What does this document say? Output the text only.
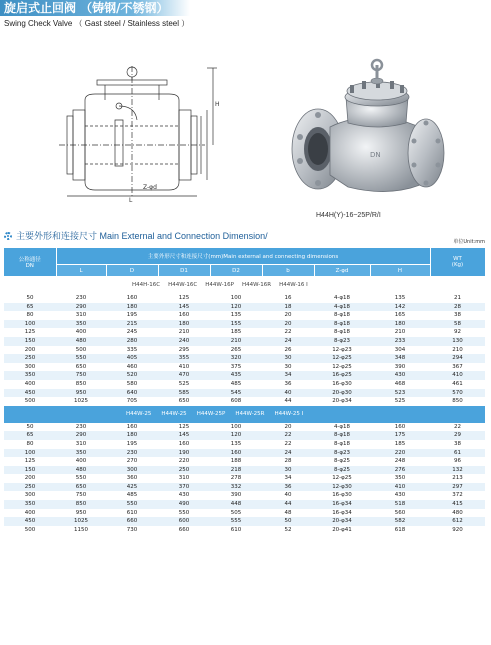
旋启式止回阀 （铸钢/不锈钢）
Swing Check Valve （ Gast steel / Stainless steel ）
H
L
Z-φd
DN
H44H(Y)-16~25P/R/I
主要外形和连接尺寸 Main External and Connection Dimension/
单位Unit:mm
公称通径
DN	主要外形尺寸和连接尺寸(mm)Main external and connecting dimensions							WT
(Kg)
	L	D	D1	D2	b	Z-φd	H	
		H44H-16C H44W-16C H44W-16P H44W-16R H44W-16 I						
50	230	160	125	100	16	4-φ18	135	21
65	290	180	145	120	18	4-φ18	142	28
80	310	195	160	135	20	8-φ18	165	38
100	350	215	180	155	20	8-φ18	180	58
125	400	245	210	185	22	8-φ18	210	92
150	480	280	240	210	24	8-φ23	233	130
200	500	335	295	265	26	12-φ23	304	210
250	550	405	355	320	30	12-φ25	348	294
300	650	460	410	375	30	12-φ25	390	367
350	750	520	470	435	34	16-φ25	430	410
400	850	580	525	485	36	16-φ30	468	461
450	950	640	585	545	40	20-φ30	523	570
500	1025	705	650	608	44	20-φ34	525	850
		H44W-25 H44W-25 H44W-25P H44W-25R H44W-25 I						
50	230	160	125	100	20	4-φ18	160	22
65	290	180	145	120	22	8-φ18	175	29
80	310	195	160	135	22	8-φ18	185	38
100	350	230	190	160	24	8-φ23	220	61
125	400	270	220	188	28	8-φ25	248	96
150	480	300	250	218	30	8-φ25	276	132
200	550	360	310	278	34	12-φ25	350	213
250	650	425	370	332	36	12-φ30	410	297
300	750	485	430	390	40	16-φ30	430	372
350	850	550	490	448	44	16-φ34	518	415
400	950	610	550	505	48	16-φ34	560	480
450	1025	660	600	555	50	20-φ34	582	612
500	1150	730	660	610	52	20-φ41	618	920
